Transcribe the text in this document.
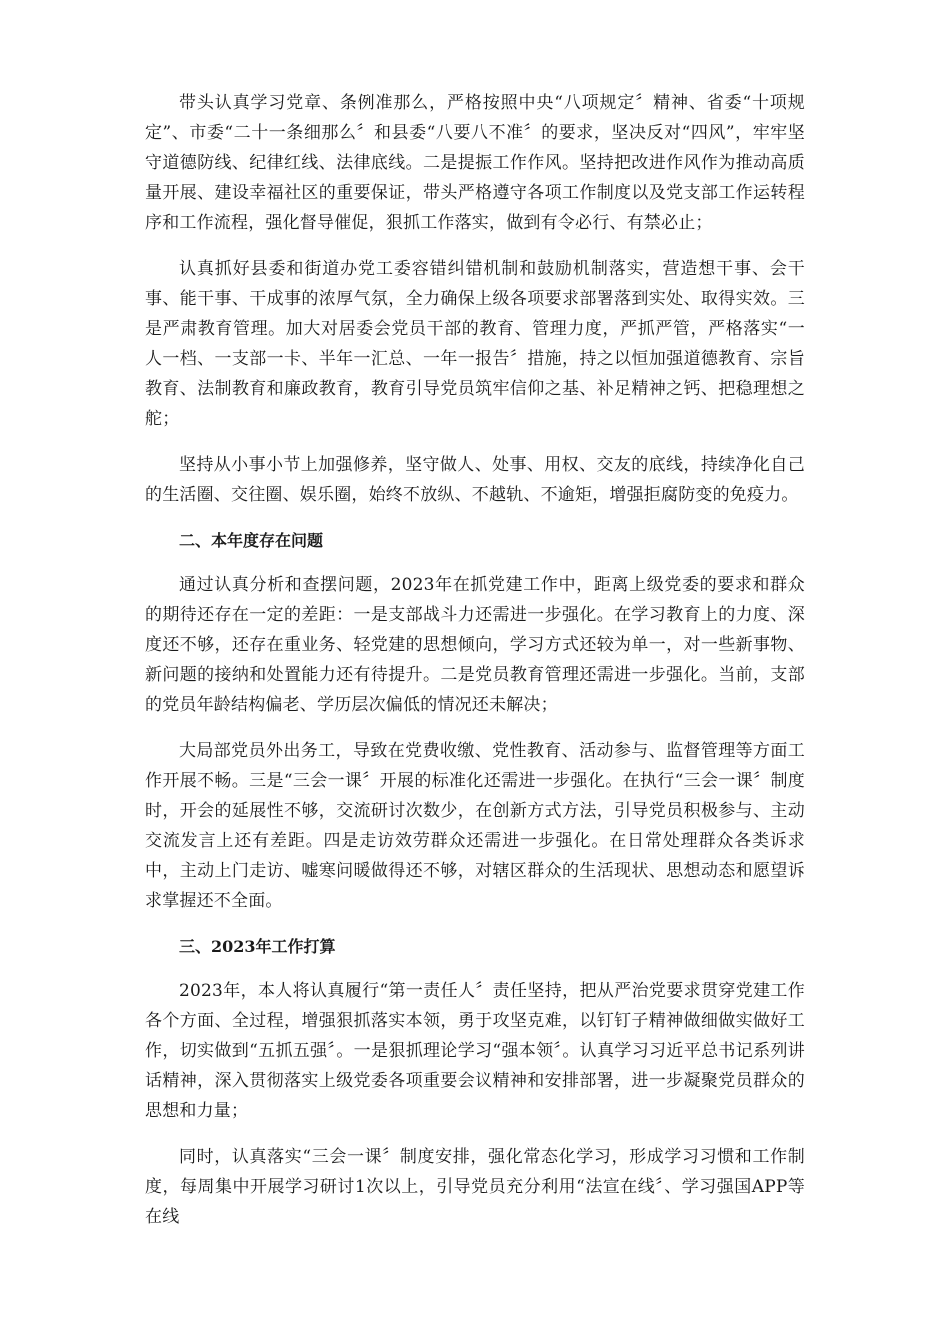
带头认真学习党章、条例准那么，严格按照中央“八项规定〞精神、省委“十项规定”、市委“二十一条细那么〞和县委“八要八不准〞的要求，坚决反对“四风”，牢牢坚守道德防线、纪律红线、法律底线。二是提振工作作风。坚持把改进作风作为推动高质量开展、建设幸福社区的重要保证，带头严格遵守各项工作制度以及党支部工作运转程序和工作流程，强化督导催促，狠抓工作落实，做到有令必行、有禁必止；

认真抓好县委和街道办党工委容错纠错机制和鼓励机制落实，营造想干事、会干事、能干事、干成事的浓厚气氛，全力确保上级各项要求部署落到实处、取得实效。三是严肃教育管理。加大对居委会党员干部的教育、管理力度，严抓严管，严格落实“一人一档、一支部一卡、半年一汇总、一年一报告〞措施，持之以恒加强道德教育、宗旨教育、法制教育和廉政教育，教育引导党员筑牢信仰之基、补足精神之钙、把稳理想之舵；

坚持从小事小节上加强修养，坚守做人、处事、用权、交友的底线，持续净化自己的生活圈、交往圈、娱乐圈，始终不放纵、不越轨、不逾矩，增强拒腐防变的免疫力。

二、本年度存在问题

通过认真分析和查摆问题，2023年在抓党建工作中，距离上级党委的要求和群众的期待还存在一定的差距：一是支部战斗力还需进一步强化。在学习教育上的力度、深度还不够，还存在重业务、轻党建的思想倾向，学习方式还较为单一，对一些新事物、新问题的接纳和处置能力还有待提升。二是党员教育管理还需进一步强化。当前，支部的党员年龄结构偏老、学历层次偏低的情况还未解决；

大局部党员外出务工，导致在党费收缴、党性教育、活动参与、监督管理等方面工作开展不畅。三是“三会一课〞开展的标准化还需进一步强化。在执行“三会一课〞制度时，开会的延展性不够，交流研讨次数少，在创新方式方法，引导党员积极参与、主动交流发言上还有差距。四是走访效劳群众还需进一步强化。在日常处理群众各类诉求中，主动上门走访、嘘寒问暖做得还不够，对辖区群众的生活现状、思想动态和愿望诉求掌握还不全面。

三、2023年工作打算

2023年，本人将认真履行“第一责任人〞责任坚持，把从严治党要求贯穿党建工作各个方面、全过程，增强狠抓落实本领，勇于攻坚克难，以钉钉子精神做细做实做好工作，切实做到“五抓五强〞。一是狠抓理论学习“强本领〞。认真学习习近平总书记系列讲话精神，深入贯彻落实上级党委各项重要会议精神和安排部署，进一步凝聚党员群众的思想和力量；

同时，认真落实“三会一课〞制度安排，强化常态化学习，形成学习习惯和工作制度，每周集中开展学习研讨1次以上，引导党员充分利用“法宣在线〞、学习强国APP等在线
